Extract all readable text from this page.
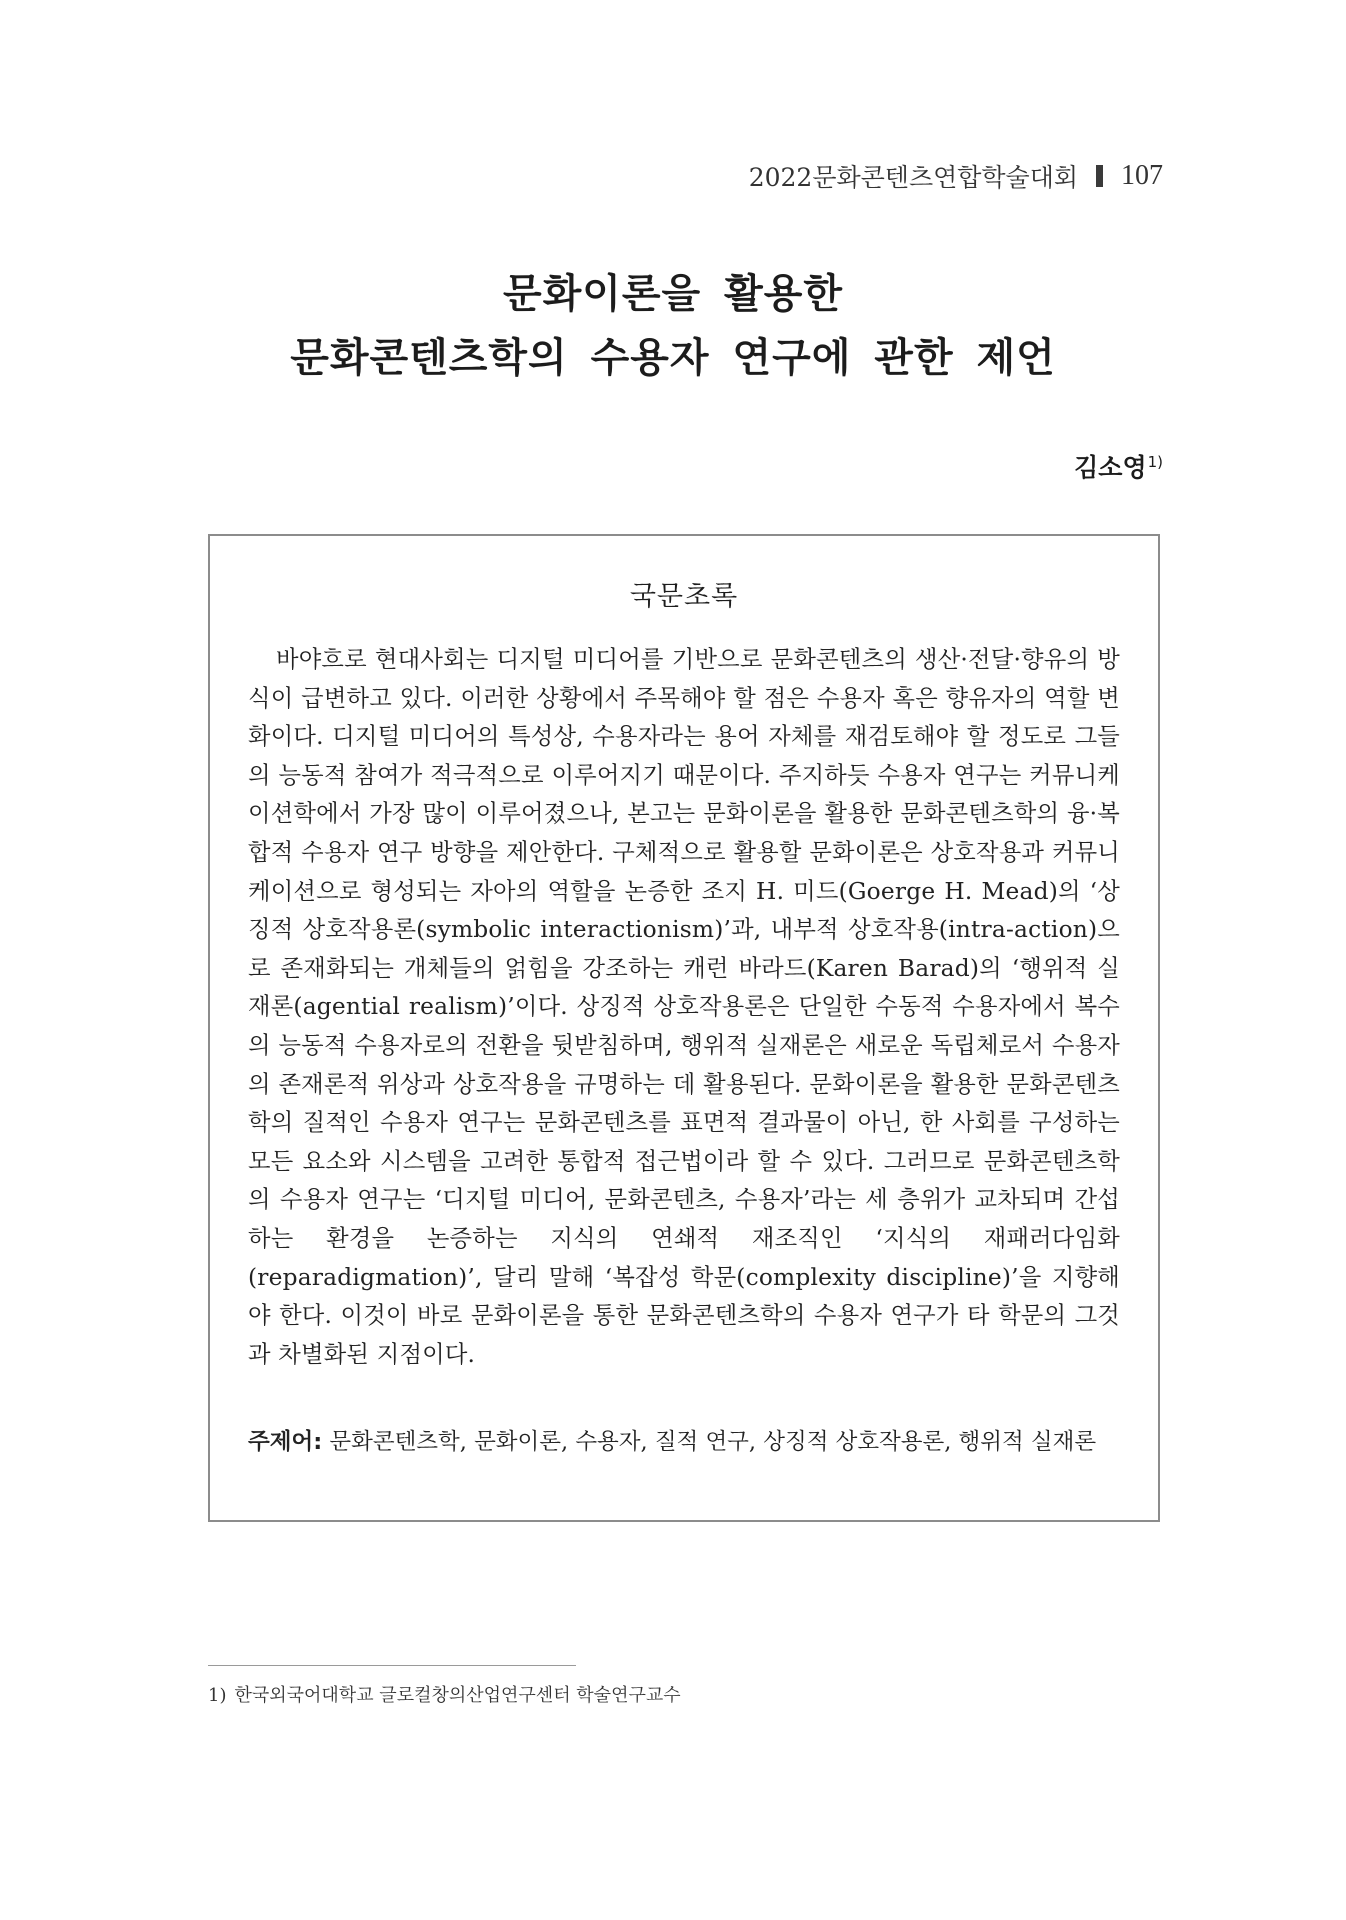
2022문화콘텐츠연합학술대회 107
문화이론을 활용한
문화콘텐츠학의 수용자 연구에 관한 제언
김소영$^{1)}$
국문초록

바야흐로 현대사회는 디지털 미디어를 기반으로 문화콘텐츠의 생산·전달·향유의 방식이 급변하고 있다. 이러한 상황에서 주목해야 할 점은 수용자 혹은 향유자의 역할 변화이다. 디지털 미디어의 특성상, 수용자라는 용어 자체를 재검토해야 할 정도로 그들의 능동적 참여가 적극적으로 이루어지기 때문이다. 주지하듯 수용자 연구는 커뮤니케이션학에서 가장 많이 이루어졌으나, 본고는 문화이론을 활용한 문화콘텐츠학의 융·복합적 수용자 연구 방향을 제안한다. 구체적으로 활용할 문화이론은 상호작용과 커뮤니케이션으로 형성되는 자아의 역할을 논증한 조지 H. 미드(Goerge H. Mead)의 ‘상징적 상호작용론(symbolic interactionism)’과, 내부적 상호작용(intra-action)으로 존재화되는 개체들의 얽힘을 강조하는 캐런 바라드(Karen Barad)의 ‘행위적 실재론(agential realism)’이다. 상징적 상호작용론은 단일한 수동적 수용자에서 복수의 능동적 수용자로의 전환을 뒷받침하며, 행위적 실재론은 새로운 독립체로서 수용자의 존재론적 위상과 상호작용을 규명하는 데 활용된다. 문화이론을 활용한 문화콘텐츠학의 질적인 수용자 연구는 문화콘텐츠를 표면적 결과물이 아닌, 한 사회를 구성하는 모든 요소와 시스템을 고려한 통합적 접근법이라 할 수 있다. 그러므로 문화콘텐츠학의 수용자 연구는 ‘디지털 미디어, 문화콘텐츠, 수용자’라는 세 층위가 교차되며 간섭하는 환경을 논증하는 지식의 연쇄적 재조직인 ‘지식의 재패러다임화(reparadigmation)’, 달리 말해 ‘복잡성 학문(complexity discipline)’을 지향해야 한다. 이것이 바로 문화이론을 통한 문화콘텐츠학의 수용자 연구가 타 학문의 그것과 차별화된 지점이다.

주제어: 문화콘텐츠학, 문화이론, 수용자, 질적 연구, 상징적 상호작용론, 행위적 실재론
1) 한국외국어대학교 글로컬창의산업연구센터 학술연구교수
